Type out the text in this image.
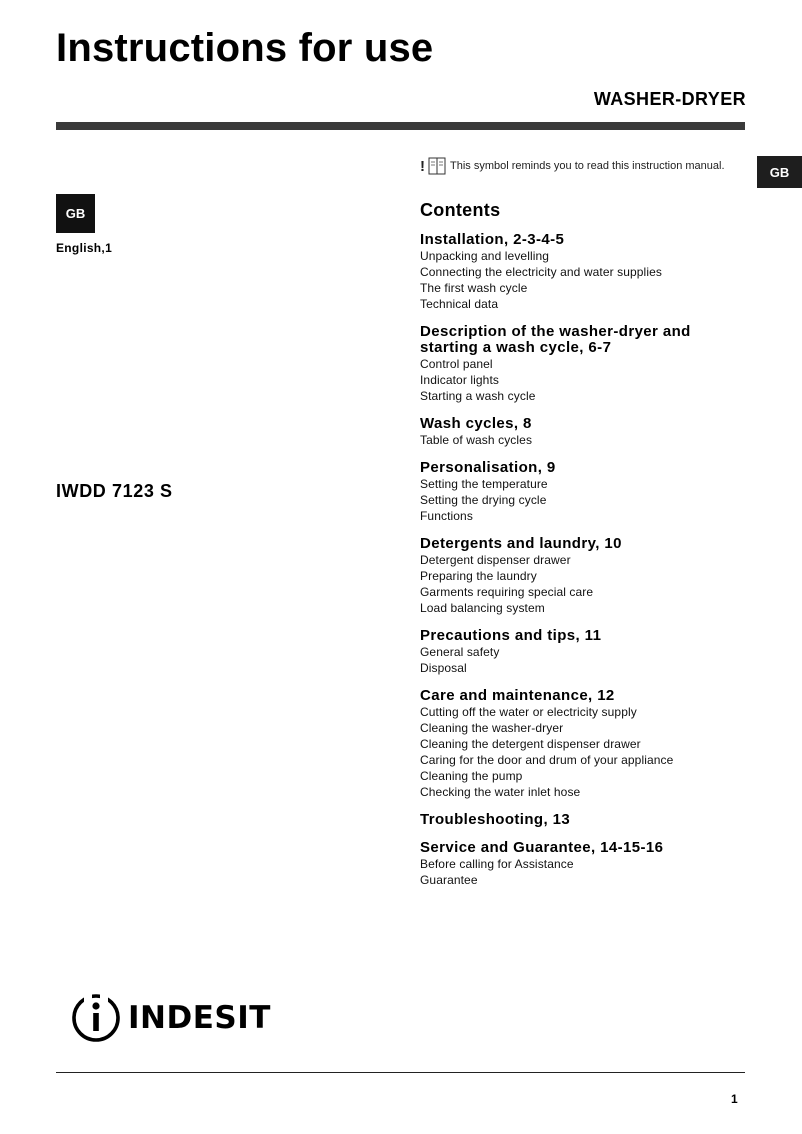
Instructions for use
WASHER-DRYER
GB
GB
English,1
IWDD 7123 S
! This symbol reminds you to read this instruction manual.
Contents
Installation, 2-3-4-5
Unpacking and levelling
Connecting the electricity and water supplies
The first wash cycle
Technical data
Description of the washer-dryer and starting a wash cycle, 6-7
Control panel
Indicator lights
Starting a wash cycle
Wash cycles, 8
Table of wash cycles
Personalisation, 9
Setting the temperature
Setting the drying cycle
Functions
Detergents and laundry, 10
Detergent dispenser drawer
Preparing the laundry
Garments requiring special care
Load balancing system
Precautions and tips, 11
General safety
Disposal
Care and maintenance, 12
Cutting off the water or electricity supply
Cleaning the washer-dryer
Cleaning the detergent dispenser drawer
Caring for the door and drum of your appliance
Cleaning the pump
Checking the water inlet hose
Troubleshooting, 13
Service and Guarantee, 14-15-16
Before calling for Assistance
Guarantee
INDESIT
1
